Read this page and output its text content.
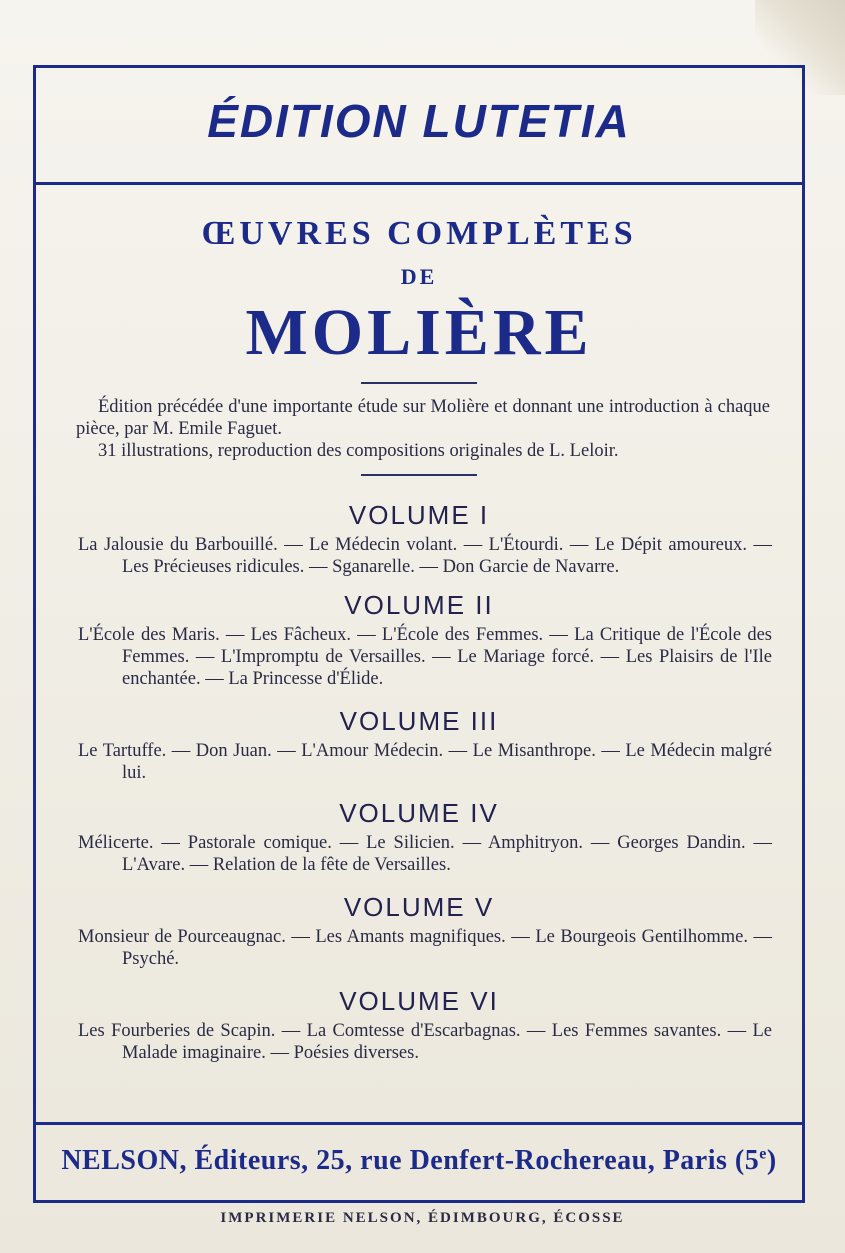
ÉDITION LUTETIA
ŒUVRES COMPLÈTES
DE
MOLIÈRE

Édition précédée d'une importante étude sur Molière et donnant une introduction à chaque pièce, par M. Emile Faguet.

31 illustrations, reproduction des compositions originales de L. Leloir.

VOLUME I
La Jalousie du Barbouillé. — Le Médecin volant. — L'Étourdi. — Le Dépit amoureux. — Les Précieuses ridicules. — Sganarelle. — Don Garcie de Navarre.
VOLUME II
L'École des Maris. — Les Fâcheux. — L'École des Femmes. — La Critique de l'École des Femmes. — L'Impromptu de Versailles. — Le Mariage forcé. — Les Plaisirs de l'Ile enchantée. — La Princesse d'Élide.
VOLUME III
Le Tartuffe. — Don Juan. — L'Amour Médecin. — Le Misanthrope. — Le Médecin malgré lui.
VOLUME IV
Mélicerte. — Pastorale comique. — Le Silicien. — Amphitryon. — Georges Dandin. — L'Avare. — Relation de la fête de Versailles.
VOLUME V
Monsieur de Pourceaugnac. — Les Amants magnifiques. — Le Bourgeois Gentilhomme. — Psyché.
VOLUME VI
Les Fourberies de Scapin. — La Comtesse d'Escarbagnas. — Les Femmes savantes. — Le Malade imaginaire. — Poésies diverses.
NELSON, Éditeurs, 25, rue Denfert-Rochereau, Paris (5e)
IMPRIMERIE NELSON, ÉDIMBOURG, ÉCOSSE
